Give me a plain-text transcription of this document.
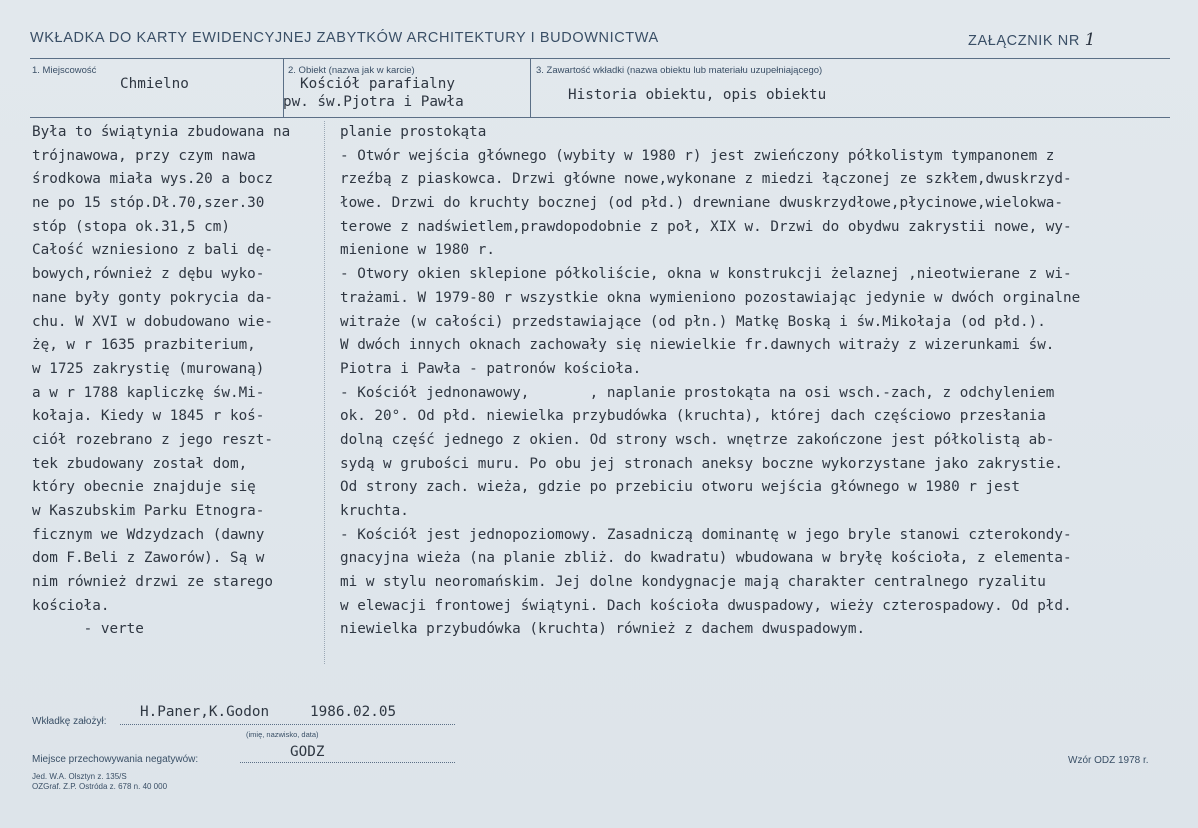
WKŁADKA DO KARTY EWIDENCYJNEJ ZABYTKÓW ARCHITEKTURY I BUDOWNICTWA	ZAŁĄCZNIK NR 1
1. Miejscowość
Chmielno
2. Obiekt (nazwa jak w karcie)
Kościół parafialny
pw. św.Pjotra i Pawła
3. Zawartość wkładki (nazwa obiektu lub materiału uzupełniającego)
Historia obiektu, opis obiektu
Była to świątynia zbudowana na
trójnawowa, przy czym nawa
środkowa miała wys.20 a bocz
ne po 15 stóp.Dł.70,szer.30
stóp (stopa ok.31,5 cm)
Całość wzniesiono z bali dę-
bowych,również z dębu wyko-
nane były gonty pokrycia da-
chu. W XVI w dobudowano wie-
żę, w r 1635 prazbiterium,
w 1725 zakrystię (murowaną)
a w r 1788 kapliczkę św.Mi-
kołaja. Kiedy w 1845 r koś-
ciół rozebrano z jego reszt-
tek zbudowany został dom,
który obecnie znajduje się
w Kaszubskim Parku Etnogra-
ficznym we Wdzydzach (dawny
dom F.Beli z Zaworów). Są w
nim również drzwi ze starego
kościoła.
- verte
planie prostokąta
- Otwór wejścia głównego (wybity w 1980 r) jest zwieńczony półkolistym tympanonem z
rzeźbą z piaskowca. Drzwi główne nowe,wykonane z miedzi łączonej ze szkłem,dwuskrzyd-
łowe. Drzwi do kruchty bocznej (od płd.) drewniane dwuskrzydłowe,płycinowe,wielokwa-
terowe z nadświetlem,prawdopodobnie z poł, XIX w. Drzwi do obydwu zakrystii nowe, wy-
mienione w 1980 r.
- Otwory okien sklepione półkoliście, okna w konstrukcji żelaznej ,nieotwierane z wi-
trażami. W 1979-80 r wszystkie okna wymieniono pozostawiając jedynie w dwóch orginalne
witraże (w całości) przedstawiające (od płn.) Matkę Boską i św.Mikołaja (od płd.).
W dwóch innych oknach zachowały się niewielkie fr.dawnych witraży z wizerunkami św.
Piotra i Pawła - patronów kościoła.
- Kościół jednonawowy,       , naplanie prostokąta na osi wsch.-zach, z odchyleniem
ok. 20°. Od płd. niewielka przybudówka (kruchta), której dach częściowo przesłania
dolną część jednego z okien. Od strony wsch. wnętrze zakończone jest półkolistą ab-
sydą w grubości muru. Po obu jej stronach aneksy boczne wykorzystane jako zakrystie.
Od strony zach. wieża, gdzie po przebiciu otworu wejścia głównego w 1980 r jest
kruchta.
- Kościół jest jednopoziomowy. Zasadniczą dominantę w jego bryle stanowi czterokondy-
gnacyjna wieża (na planie zbliż. do kwadratu) wbudowana w bryłę kościoła, z elementa-
mi w stylu neoromańskim. Jej dolne kondygnacje mają charakter centralnego ryzalitu
w elewacji frontowej świątyni. Dach kościoła dwuspadowy, wieży czterospadowy. Od płd.
niewielka przybudówka (kruchta) również z dachem dwuspadowym.
Wkładkę założył:
H.Paner,K.Godon	1986.02.05
(imię, nazwisko, data)
Miejsce przechowywania negatywów:	GODZ
Jed. W.A. Olsztyn z. 135/S
OZGraf. Z.P. Ostróda z. 678 n. 40 000
Wzór ODZ 1978 r.
